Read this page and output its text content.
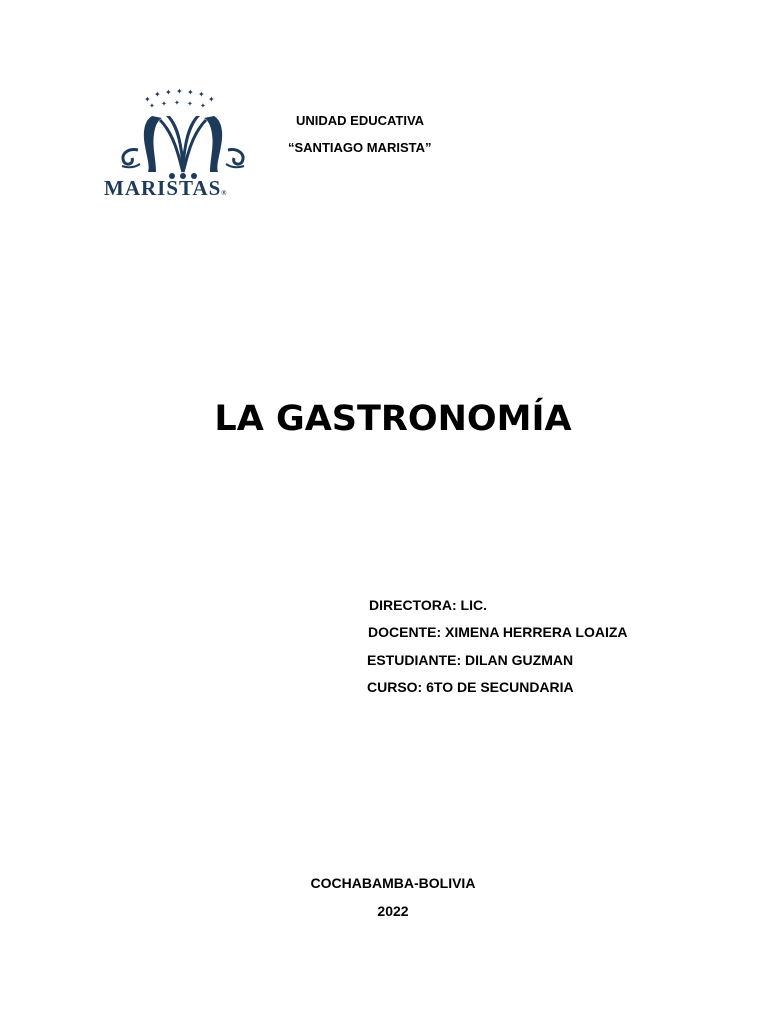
✦
✦ ✦ ✦ ✦ ✦
✦
✦ ✦ ✦ ✦ ✦
MARISTAS®
UNIDAD EDUCATIVA
“SANTIAGO MARISTA”
LA GASTRONOMÍA
DIRECTORA: LIC.
DOCENTE: XIMENA HERRERA LOAIZA
ESTUDIANTE: DILAN GUZMAN
CURSO: 6TO DE SECUNDARIA
COCHABAMBA-BOLIVIA
2022
